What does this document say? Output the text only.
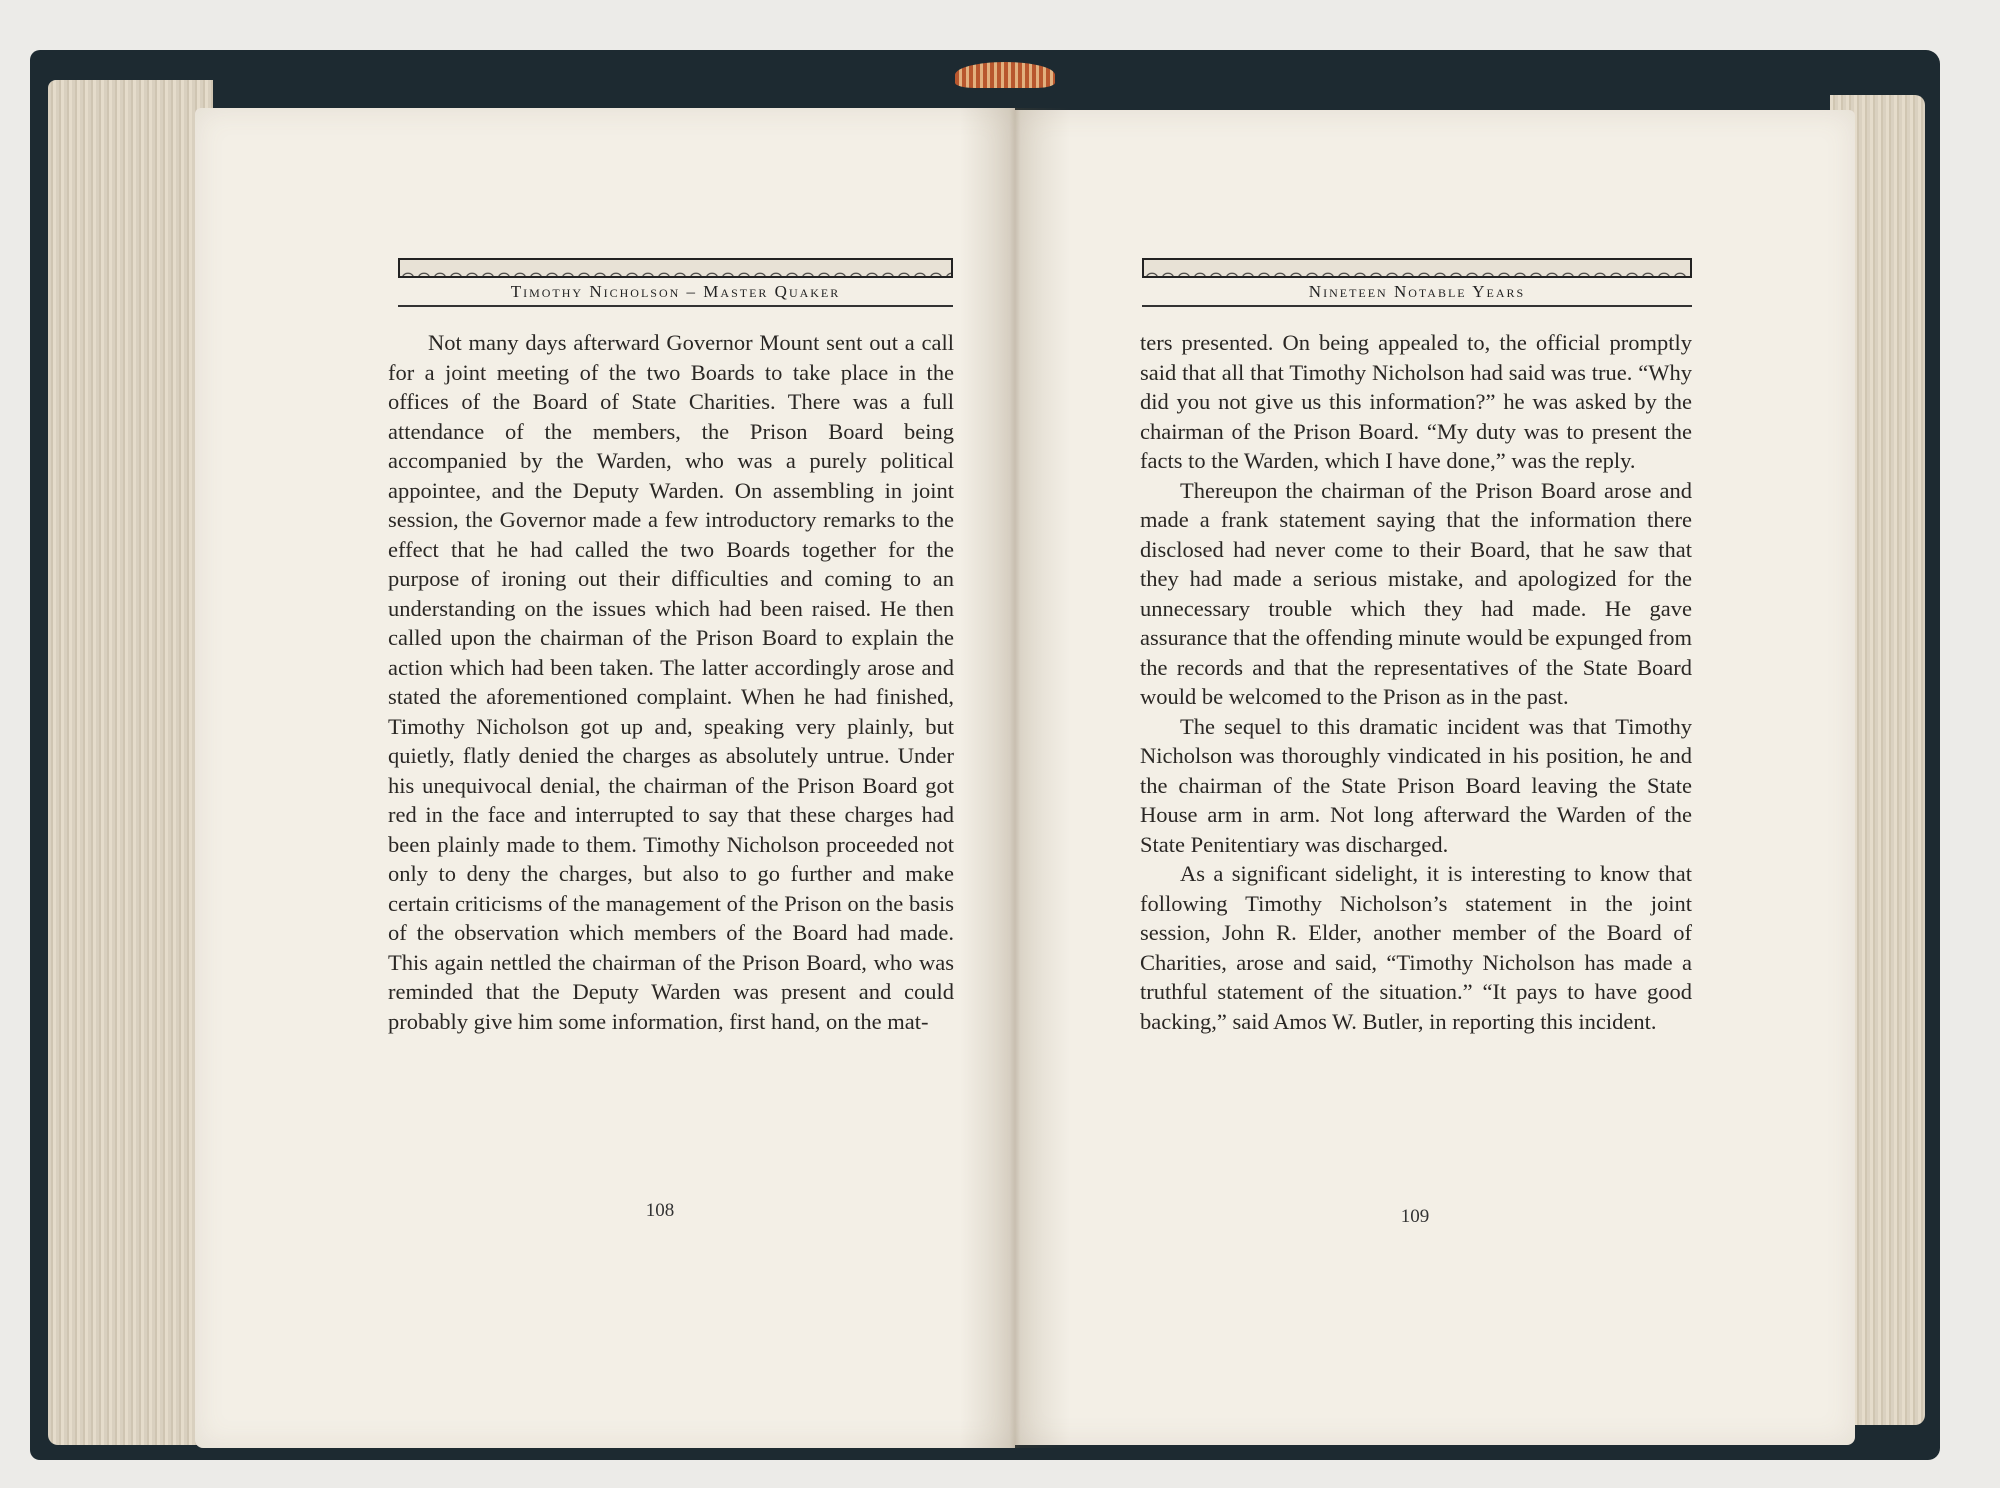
Timothy Nicholson – Master Quaker

Not many days afterward Governor Mount sent out a call for a joint meeting of the two Boards to take place in the offices of the Board of State Charities. There was a full attendance of the members, the Prison Board being accompanied by the Warden, who was a purely political appointee, and the Deputy Warden. On assembling in joint session, the Governor made a few introductory remarks to the effect that he had called the two Boards together for the purpose of ironing out their difficulties and coming to an understanding on the issues which had been raised. He then called upon the chairman of the Prison Board to explain the action which had been taken. The latter accordingly arose and stated the aforementioned complaint. When he had finished, Timothy Nicholson got up and, speaking very plainly, but quietly, flatly denied the charges as absolutely untrue. Under his unequivocal denial, the chairman of the Prison Board got red in the face and interrupted to say that these charges had been plainly made to them. Timothy Nicholson proceeded not only to deny the charges, but also to go further and make certain criticisms of the management of the Prison on the basis of the observation which members of the Board had made. This again nettled the chairman of the Prison Board, who was reminded that the Deputy Warden was present and could probably give him some information, first hand, on the mat-

108
Nineteen Notable Years

ters presented. On being appealed to, the official promptly said that all that Timothy Nicholson had said was true. “Why did you not give us this information?” he was asked by the chairman of the Prison Board. “My duty was to present the facts to the Warden, which I have done,” was the reply.

Thereupon the chairman of the Prison Board arose and made a frank statement saying that the information there disclosed had never come to their Board, that he saw that they had made a serious mistake, and apologized for the unnecessary trouble which they had made. He gave assurance that the offending minute would be expunged from the records and that the representatives of the State Board would be welcomed to the Prison as in the past.

The sequel to this dramatic incident was that Timothy Nicholson was thoroughly vindicated in his position, he and the chairman of the State Prison Board leaving the State House arm in arm. Not long afterward the Warden of the State Penitentiary was discharged.

As a significant sidelight, it is interesting to know that following Timothy Nicholson’s statement in the joint session, John R. Elder, another member of the Board of Charities, arose and said, “Timothy Nicholson has made a truthful statement of the situation.” “It pays to have good backing,” said Amos W. Butler, in reporting this incident.

109
